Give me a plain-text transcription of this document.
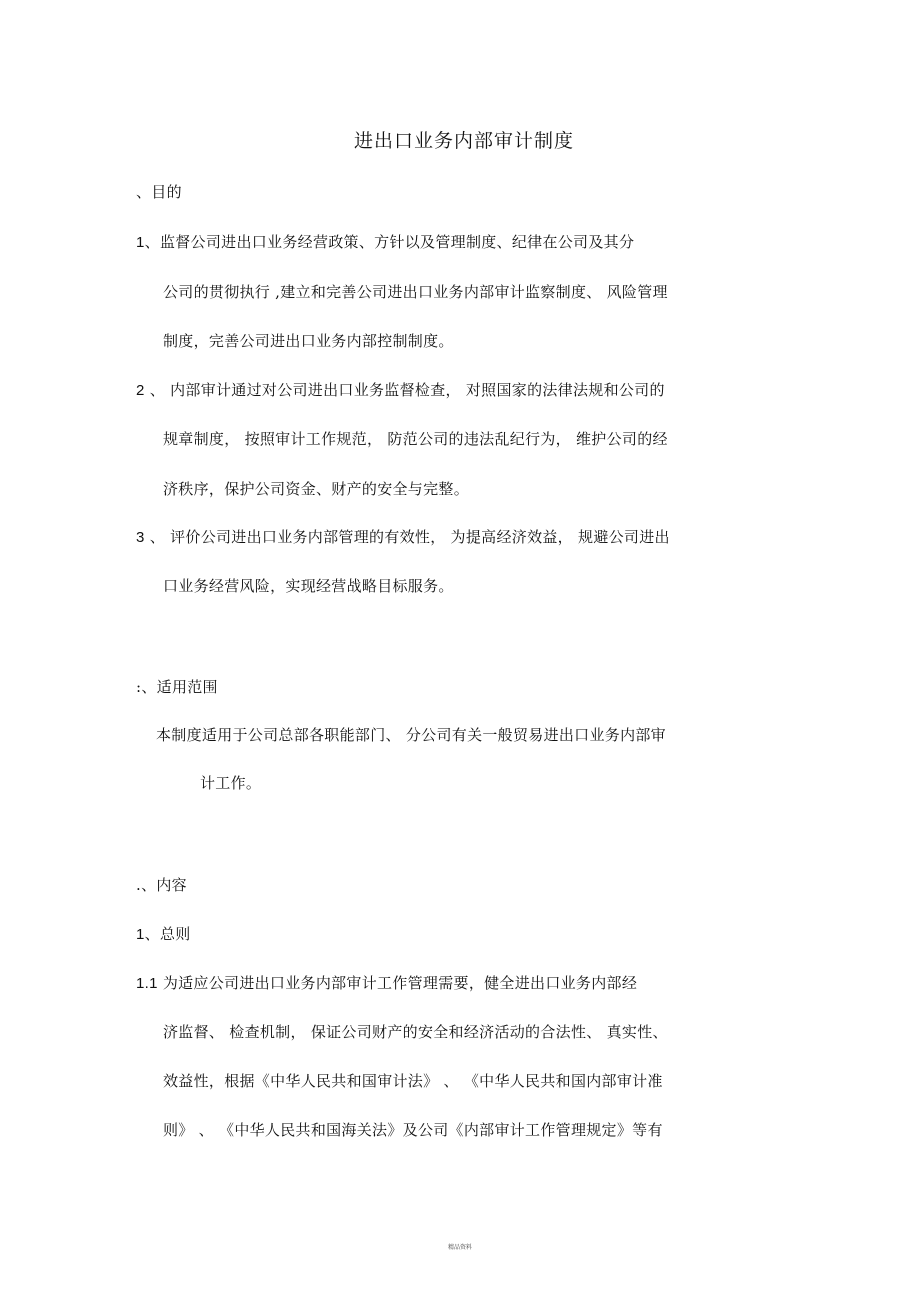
进出口业务内部审计制度
、目的
1、监督公司进出口业务经营政策、方针以及管理制度、纪律在公司及其分
公司的贯彻执行 ,建立和完善公司进出口业务内部审计监察制度、 风险管理
制度，完善公司进出口业务内部控制制度。
2 、 内部审计通过对公司进出口业务监督检查， 对照国家的法律法规和公司的
规章制度， 按照审计工作规范， 防范公司的违法乱纪行为， 维护公司的经
济秩序，保护公司资金、财产的安全与完整。
3 、 评价公司进出口业务内部管理的有效性， 为提高经济效益， 规避公司进出
口业务经营风险，实现经营战略目标服务。
:、适用范围
本制度适用于公司总部各职能部门、 分公司有关一般贸易进出口业务内部审
计工作。
.、内容
1、总则
1.1 为适应公司进出口业务内部审计工作管理需要，健全进出口业务内部经
济监督、 检查机制， 保证公司财产的安全和经济活动的合法性、 真实性、
效益性，根据《中华人民共和国审计法》 、 《中华人民共和国内部审计准
则》 、 《中华人民共和国海关法》及公司《内部审计工作管理规定》等有
精品资料
